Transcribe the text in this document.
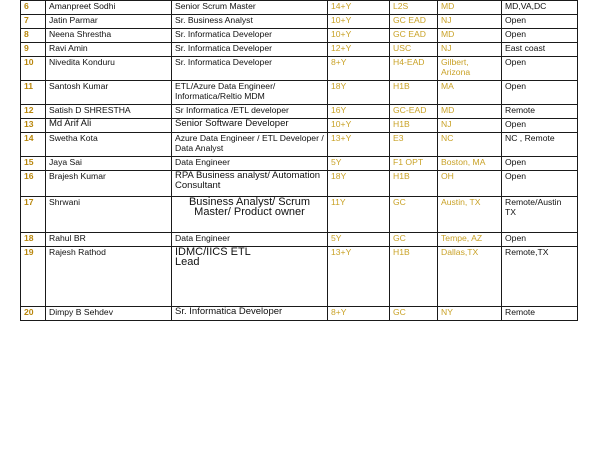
6	Amanpreet Sodhi	Senior Scrum Master	14+Y	L2S	MD	MD,VA,DC
7	Jatin Parmar	Sr. Business Analyst	10+Y	GC EAD	NJ	Open
8	Neena Shrestha	Sr. Informatica Developer	10+Y	GC EAD	MD	Open
9	Ravi Amin	Sr. Informatica Developer	12+Y	USC	NJ	East coast
10	Nivedita Konduru	Sr. Informatica Developer	8+Y	H4-EAD	Gilbert, Arizona	Open
11	Santosh Kumar	ETL/Azure Data Engineer/ Informatica/Reltio MDM	18Y	H1B	MA	Open
12	Satish D SHRESTHA	Sr Informatica /ETL developer	16Y	GC-EAD	MD	Remote
13	Md Arif Ali	Senior Software Developer	10+Y	H1B	NJ	Open
14	Swetha Kota	Azure Data Engineer / ETL Developer / Data Analyst	13+Y	E3	NC	NC , Remote
15	Jaya Sai	Data Engineer	5Y	F1 OPT	Boston, MA	Open
16	Brajesh Kumar	RPA Business analyst/ Automation Consultant	18Y	H1B	OH	Open
17	Shrwani	Business Analyst/ Scrum Master/ Product owner	11Y	GC	Austin, TX	Remote/Austin TX
18	Rahul BR	Data Engineer	5Y	GC	Tempe, AZ	Open
19	Rajesh Rathod	IDMC/IICS ETL Lead	13+Y	H1B	Dallas,TX	Remote,TX
20	Dimpy B Sehdev	Sr. Informatica Developer	8+Y	GC	NY	Remote
